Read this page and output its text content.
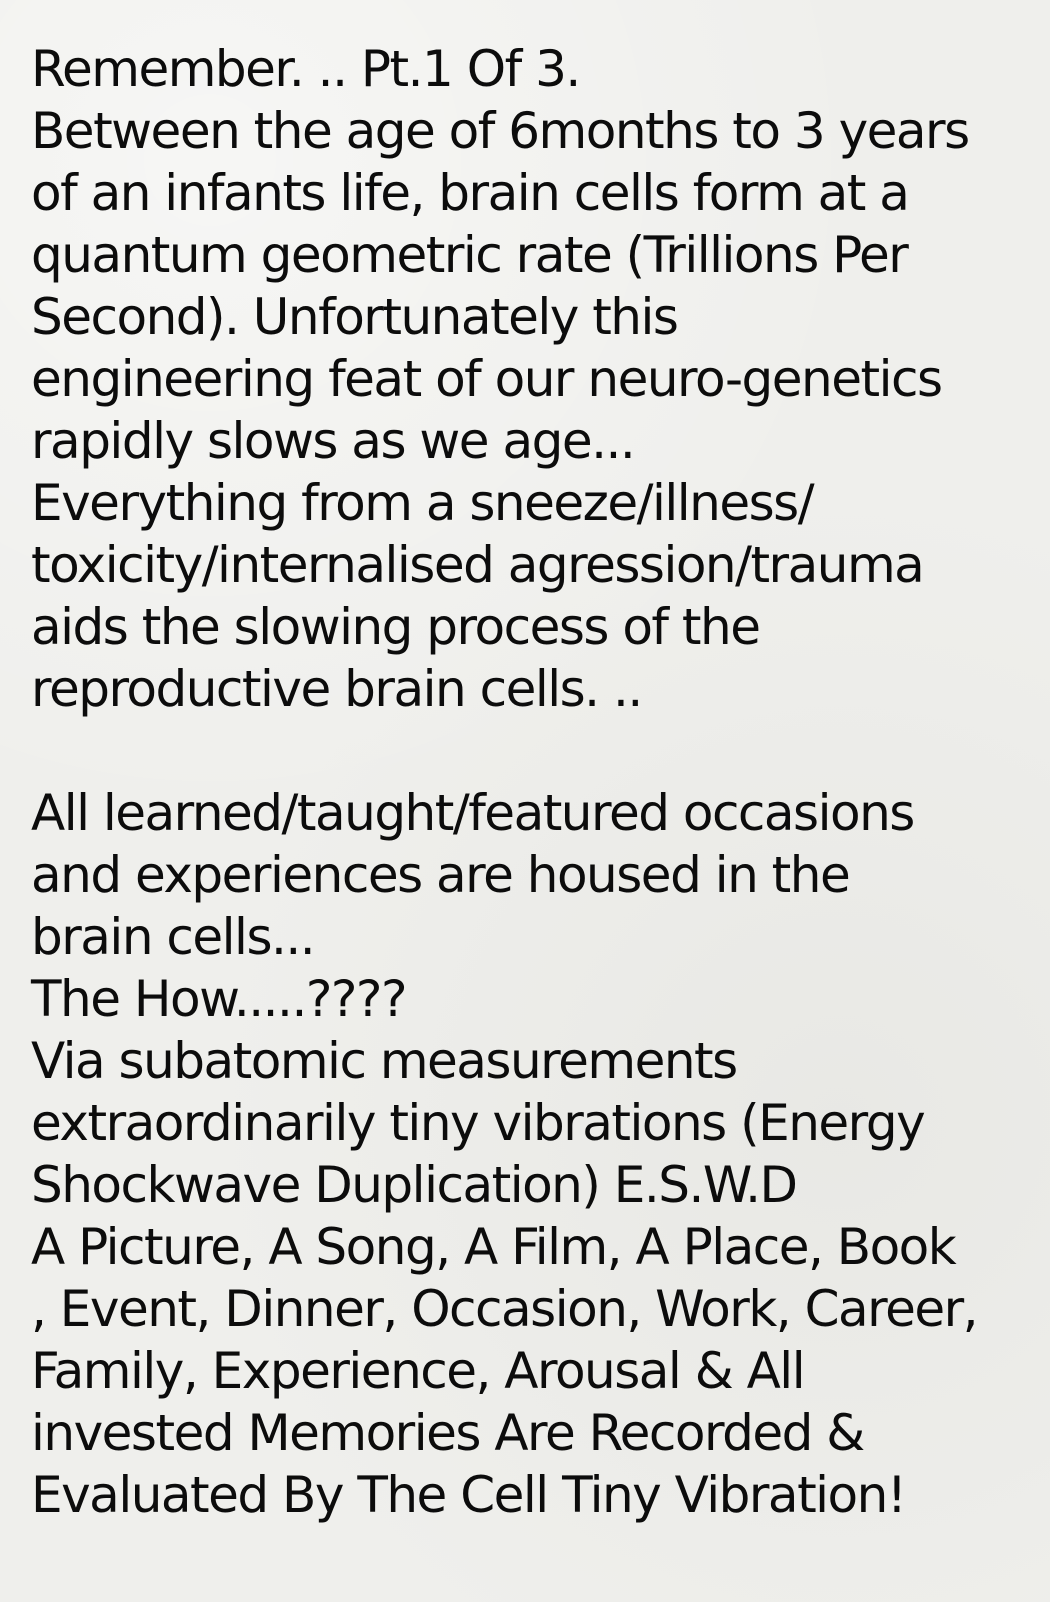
Remember. .. Pt.1 Of 3.
Between the age of 6months to 3 years
of an infants life, brain cells form at a
quantum geometric rate (Trillions Per
Second). Unfortunately this
engineering feat of our neuro-genetics
rapidly slows as we age...
Everything from a sneeze/illness/
toxicity/internalised agression/trauma
aids the slowing process of the
reproductive brain cells. ..
All learned/taught/featured occasions
and experiences are housed in the
brain cells...
The How.....????
Via subatomic measurements
extraordinarily tiny vibrations (Energy
Shockwave Duplication) E.S.W.D
A Picture, A Song, A Film, A Place, Book
, Event, Dinner, Occasion, Work, Career,
Family, Experience, Arousal & All
invested Memories Are Recorded &
Evaluated By The Cell Tiny Vibration!
